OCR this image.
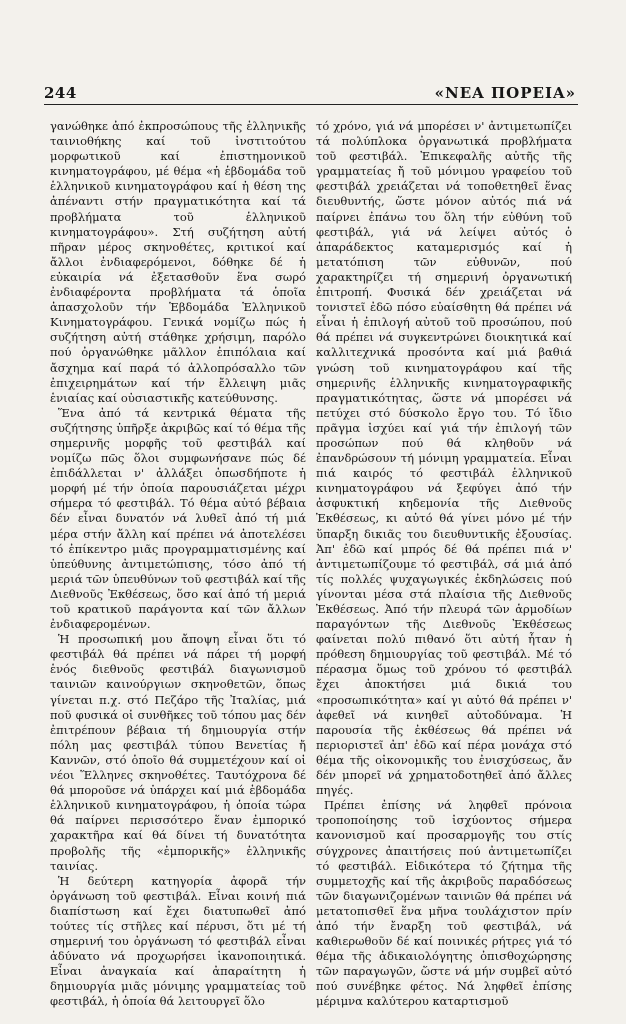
244	«ΝΕΑ ΠΟΡΕΙΑ»

γανώθηκε ἀπό ἐκπροσώπους τῆς ἑλληνικῆς ταινιοθήκης καί τοῦ ἰνστιτούτου μορφωτικοῦ καί ἐπιστημονικοῦ κινηματογράφου, μέ θέμα «ἡ ἑβδομάδα τοῦ ἑλληνικοῦ κινηματογράφου καί ἡ θέση της ἀπέναντι στήν πραγματικότητα καί τά προβλήματα τοῦ ἑλληνικοῦ κινηματογράφου». Στή συζήτηση αὐτή πῆραν μέρος σκηνοθέτες, κριτικοί καί ἄλλοι ἐνδιαφερόμενοι, δόθηκε δέ ἡ εὐκαιρία νά ἐξετασθοῦν ἕνα σωρό ἐνδιαφέροντα προβλήματα τά ὁποῖα ἀπασχολοῦν τήν Ἑβδομάδα Ἑλληνικοῦ Κινηματογράφου. Γενικά νομίζω πώς ἡ συζήτηση αὐτή στάθηκε χρήσιμη, παρόλο πού ὀργανώθηκε μᾶλλον ἐπιπόλαια καί ἄσχημα καί παρά τό ἀλλοπρόσαλλο τῶν ἐπιχειρημάτων καί τήν ἔλλειψη μιᾶς ἑνιαίας καί οὐσιαστικῆς κατεύθυνσης.

Ἕνα ἀπό τά κεντρικά θέματα τῆς συζήτησης ὑπῆρξε ἀκριβῶς καί τό θέμα τῆς σημερινῆς μορφῆς τοῦ φεστιβάλ καί νομίζω πῶς ὅλοι συμφωνήσανε πώς δέ ἐπιδάλλεται ν' ἀλλάξει ὁπωσδήποτε ἡ μορφή μέ τήν ὁποία παρουσιάζεται μέχρι σήμερα τό φεστιβάλ. Τό θέμα αὐτό βέβαια δέν εἶναι δυνατόν νά λυθεῖ ἀπό τή μιά μέρα στήν ἄλλη καί πρέπει νά ἀποτελέσει τό ἐπίκεντρο μιᾶς προγραμματισμένης καί ὑπεύθυνης ἀντιμετώπισης, τόσο ἀπό τή μεριά τῶν ὑπευθύνων τοῦ φεστιβάλ καί τῆς Διεθνοῦς Ἐκθέσεως, ὅσο καί ἀπό τή μεριά τοῦ κρατικοῦ παράγοντα καί τῶν ἄλλων ἐνδιαφερομένων.

Ἡ προσωπική μου ἄποψη εἶναι ὅτι τό φεστιβάλ θά πρέπει νά πάρει τή μορφή ἑνός διεθνοῦς φεστιβάλ διαγωνισμοῦ ταινιῶν καινούργιων σκηνοθετῶν, ὅπως γίνεται π.χ. στό Πεζάρο τῆς Ἰταλίας, μιά ποῦ φυσικά οἱ συνθῆκες τοῦ τόπου μας δέν ἐπιτρέπουν βέβαια τή δημιουργία στήν πόλη μας φεστιβάλ τύπου Βενετίας ἤ Καννῶν, στό ὁποῖο θά συμμετέχουν καί οἱ νέοι Ἕλληνες σκηνοθέτες. Ταυτόχρονα δέ θά μποροῦσε νά ὑπάρχει καί μιά ἑβδομάδα ἑλληνικοῦ κινηματογράφου, ἡ ὁποία τώρα θά παίρνει περισσότερο ἕναν ἐμπορικό χαρακτῆρα καί θά δίνει τή δυνατότητα προβολῆς τῆς «ἐμπορικῆς» ἑλληνικῆς ταινίας.

Ἡ δεύτερη κατηγορία ἀφορᾶ τήν ὀργάνωση τοῦ φεστιβάλ. Εἶναι κοινή πιά διαπίστωση καί ἔχει διατυπωθεῖ ἀπό τούτες τίς στῆλες καί πέρυσι, ὅτι μέ τή σημερινή του ὀργάνωση τό φεστιβάλ εἶναι ἀδύνατο νά προχωρήσει ἱκανοποιητικά. Εἶναι ἀναγκαία καί ἀπαραίτητη ἡ δημιουργία μιᾶς μόνιμης γραμματείας τοῦ φεστιβάλ, ἡ ὁποία θά λειτουργεῖ ὅλο

τό χρόνο, γιά νά μπορέσει ν' ἀντιμετωπίζει τά πολύπλοκα ὀργανωτικά προβλήματα τοῦ φεστιβάλ. Ἐπικεφαλῆς αὐτῆς τῆς γραμματείας ἤ τοῦ μόνιμου γραφείου τοῦ φεστιβάλ χρειάζεται νά τοποθετηθεῖ ἕνας διευθυντής, ὥστε μόνον αὐτός πιά νά παίρνει ἐπάνω του ὅλη τήν εὐθύνη τοῦ φεστιβάλ, γιά νά λείψει αὐτός ὁ ἀπαράδεκτος καταμερισμός καί ἡ μετατόπιση τῶν εὐθυνῶν, πού χαρακτηρίζει τή σημερινή ὀργανωτική ἐπιτροπή. Φυσικά δέν χρειάζεται νά τονιστεῖ ἐδῶ πόσο εὐαίσθητη θά πρέπει νά εἶναι ἡ ἐπιλογή αὐτοῦ τοῦ προσώπου, πού θά πρέπει νά συγκεντρώνει διοικητικά καί καλλιτεχνικά προσόντα καί μιά βαθιά γνώση τοῦ κινηματογράφου καί τῆς σημερινῆς ἑλληνικῆς κινηματογραφικῆς πραγματικότητας, ὥστε νά μπορέσει νά πετύχει στό δύσκολο ἔργο του. Τό ἴδιο πρᾶγμα ἰσχύει καί γιά τήν ἐπιλογή τῶν προσώπων πού θά κληθοῦν νά ἐπανδρώσουν τή μόνιμη γραμματεία. Εἶναι πιά καιρός τό φεστιβάλ ἑλληνικοῦ κινηματογράφου νά ξεφύγει ἀπό τήν ἀσφυκτική κηδεμονία τῆς Διεθνοῦς Ἐκθέσεως, κι αὐτό θά γίνει μόνο μέ τήν ὕπαρξη δικιᾶς του διευθυντικῆς ἐξουσίας. Ἀπ' ἐδῶ καί μπρός δέ θά πρέπει πιά ν' ἀντιμετωπίζουμε τό φεστιβάλ, σά μιά ἀπό τίς πολλές ψυχαγωγικές ἐκδηλώσεις πού γίνονται μέσα στά πλαίσια τῆς Διεθνοῦς Ἐκθέσεως. Ἀπό τήν πλευρά τῶν ἁρμοδίων παραγόντων τῆς Διεθνοῦς Ἐκθέσεως φαίνεται πολύ πιθανό ὅτι αὐτή ἦταν ἡ πρόθεση δημιουργίας τοῦ φεστιβάλ. Μέ τό πέρασμα ὅμως τοῦ χρόνου τό φεστιβάλ ἔχει ἀποκτήσει μιά δικιά του «προσωπικότητα» καί γι αὐτό θά πρέπει ν' ἀφεθεῖ νά κινηθεῖ αὐτοδύναμα. Ἡ παρουσία τῆς ἐκθέσεως θά πρέπει νά περιοριστεῖ ἀπ' ἐδῶ καί πέρα μονάχα στό θέμα τῆς οἰκονομικῆς του ἐνισχύσεως, ἄν δέν μπορεῖ νά χρηματοδοτηθεῖ ἀπό ἄλλες πηγές.

Πρέπει ἐπίσης νά ληφθεῖ πρόνοια τροποποίησης τοῦ ἰσχύοντος σήμερα κανονισμοῦ καί προσαρμογῆς του στίς σύγχρονες ἀπαιτήσεις πού ἀντιμετωπίζει τό φεστιβάλ. Εἰδικότερα τό ζήτημα τῆς συμμετοχῆς καί τῆς ἀκριβοῦς παραδόσεως τῶν διαγωνιζομένων ταινιῶν θά πρέπει νά μετατοπισθεῖ ἕνα μῆνα τουλάχιστον πρίν ἀπό τήν ἔναρξη τοῦ φεστιβάλ, νά καθιερωθοῦν δέ καί ποινικές ρήτρες γιά τό θέμα τῆς ἀδικαιολόγητης ὀπισθοχώρησης τῶν παραγωγῶν, ὥστε νά μήν συμβεῖ αὐτό πού συνέβηκε φέτος. Νά ληφθεῖ ἐπίσης μέριμνα καλύτερου καταρτισμοῦ
